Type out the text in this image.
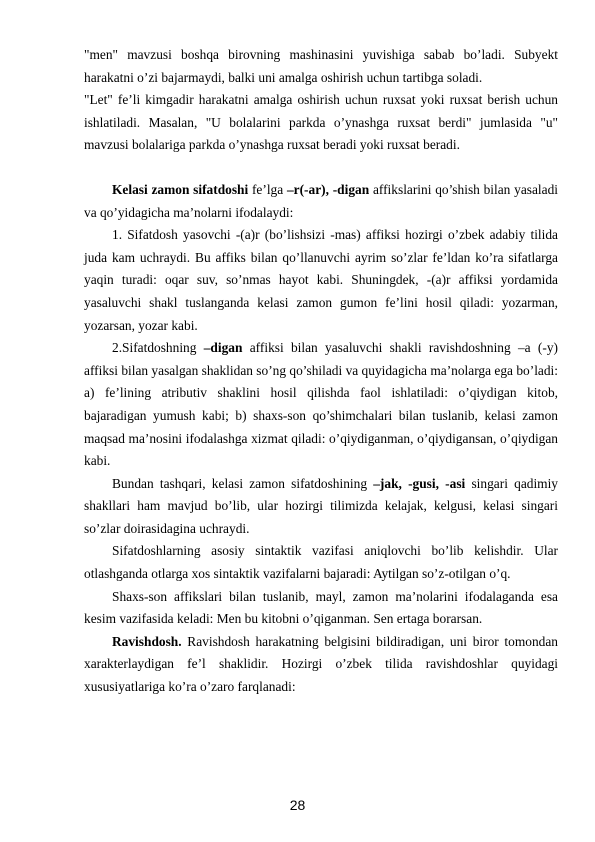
"men" mavzusi boshqa birovning mashinasini yuvishiga sabab bo’ladi. Subyekt harakatni o’zi bajarmaydi, balki uni amalga oshirish uchun tartibga soladi.

"Let" fe’li kimgadir harakatni amalga oshirish uchun ruxsat yoki ruxsat berish uchun ishlatiladi. Masalan, "U bolalarini parkda o’ynashga ruxsat berdi" jumlasida "u" mavzusi bolalariga parkda o’ynashga ruxsat beradi yoki ruxsat beradi.

Kelasi zamon sifatdoshi fe’lga –r(-ar), -digan affikslarini qo’shish bilan yasaladi va qo’yidagicha ma’nolarni ifodalaydi:

1. Sifatdosh yasovchi -(a)r (bo’lishsizi -mas) affiksi hozirgi o’zbek adabiy tilida juda kam uchraydi. Bu affiks bilan qo’llanuvchi ayrim so’zlar fe’ldan ko’ra sifatlarga yaqin turadi: oqar suv, so’nmas hayot kabi. Shuningdek, -(a)r affiksi yordamida yasaluvchi shakl tuslanganda kelasi zamon gumon fe’lini hosil qiladi: yozarman, yozarsan, yozar kabi.

2.Sifatdoshning –digan affiksi bilan yasaluvchi shakli ravishdoshning –a (-y) affiksi bilan yasalgan shaklidan so’ng qo’shiladi va quyidagicha ma’nolarga ega bo’ladi: a) fe’lining atributiv shaklini hosil qilishda faol ishlatiladi: o’qiydigan kitob, bajaradigan yumush kabi; b) shaxs-son qo’shimchalari bilan tuslanib, kelasi zamon maqsad ma’nosini ifodalashga xizmat qiladi: o’qiydiganman, o’qiydigansan, o’qiydigan kabi.

Bundan tashqari, kelasi zamon sifatdoshining –jak, -gusi, -asi singari qadimiy shakllari ham mavjud bo’lib, ular hozirgi tilimizda kelajak, kelgusi, kelasi singari so’zlar doirasidagina uchraydi.

Sifatdoshlarning asosiy sintaktik vazifasi aniqlovchi bo’lib kelishdir. Ular otlashganda otlarga xos sintaktik vazifalarni bajaradi: Aytilgan so’z-otilgan o’q.

Shaxs-son affikslari bilan tuslanib, mayl, zamon ma’nolarini ifodalaganda esa kesim vazifasida keladi: Men bu kitobni o’qiganman. Sen ertaga borarsan.

Ravishdosh. Ravishdosh harakatning belgisini bildiradigan, uni biror tomondan xarakterlaydigan fe’l shaklidir. Hozirgi o’zbek tilida ravishdoshlar quyidagi xususiyatlariga ko’ra o’zaro farqlanadi:

28
